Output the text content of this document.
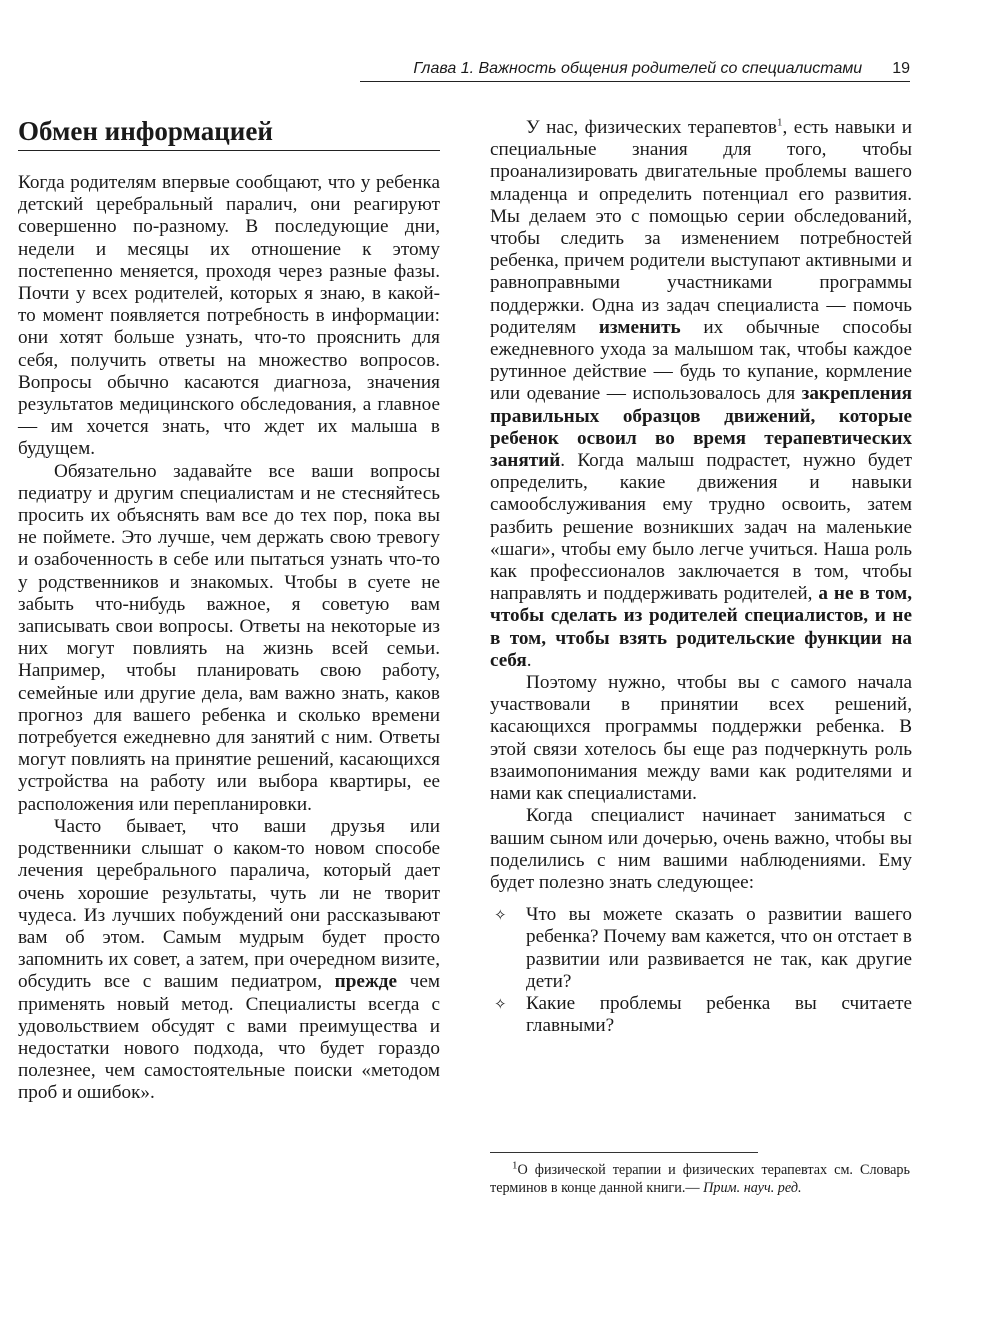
Глава 1. Важность общения родителей со специалистами 19
Обмен информацией

Когда родителям впервые сообщают, что у ребенка детский церебральный паралич, они реагируют совершенно по-разному. В последующие дни, недели и месяцы их отношение к этому постепенно меняется, проходя через разные фазы. Почти у всех родителей, которых я знаю, в какой-то момент появляется потребность в информации: они хотят больше узнать, что-то прояснить для себя, получить ответы на множество вопросов. Вопросы обычно касаются диагноза, значения результатов медицинского обследования, а главное — им хочется знать, что ждет их малыша в будущем.

Обязательно задавайте все ваши вопросы педиатру и другим специалистам и не стесняйтесь просить их объяснять вам все до тех пор, пока вы не поймете. Это лучше, чем держать свою тревогу и озабоченность в себе или пытаться узнать что-то у родственников и знакомых. Чтобы в суете не забыть что-нибудь важное, я советую вам записывать свои вопросы. Ответы на некоторые из них могут повлиять на жизнь всей семьи. Например, чтобы планировать свою работу, семейные или другие дела, вам важно знать, каков прогноз для вашего ребенка и сколько времени потребуется ежедневно для занятий с ним. Ответы могут повлиять на принятие решений, касающихся устройства на работу или выбора квартиры, ее расположения или перепланировки.

Часто бывает, что ваши друзья или родственники слышат о каком-то новом способе лечения церебрального паралича, который дает очень хорошие результаты, чуть ли не творит чудеса. Из лучших побуждений они рассказывают вам об этом. Самым мудрым будет просто запомнить их совет, а затем, при очередном визите, обсудить все с вашим педиатром, прежде чем применять новый метод. Специалисты всегда с удовольствием обсудят с вами преимущества и недостатки нового подхода, что будет гораздо полезнее, чем самостоятельные поиски «методом проб и ошибок».

У нас, физических терапевтов$^1$, есть навыки и специальные знания для того, чтобы проанализировать двигательные проблемы вашего младенца и определить потенциал его развития. Мы делаем это с помощью серии обследований, чтобы следить за изменением потребностей ребенка, причем родители выступают активными и равноправными участниками программы поддержки. Одна из задач специалиста — помочь родителям изменить их обычные способы ежедневного ухода за малышом так, чтобы каждое рутинное действие — будь то купание, кормление или одевание — использовалось для закрепления правильных образцов движений, которые ребенок освоил во время терапевтических занятий. Когда малыш подрастет, нужно будет определить, какие движения и навыки самообслуживания ему трудно освоить, затем разбить решение возникших задач на маленькие «шаги», чтобы ему было легче учиться. Наша роль как профессионалов заключается в том, чтобы направлять и поддерживать родителей, а не в том, чтобы сделать из родителей специалистов, и не в том, чтобы взять родительские функции на себя.

Поэтому нужно, чтобы вы с самого начала участвовали в принятии всех решений, касающихся программы поддержки ребенка. В этой связи хотелось бы еще раз подчеркнуть роль взаимопонимания между вами как родителями и нами как специалистами.

Когда специалист начинает заниматься с вашим сыном или дочерью, очень важно, чтобы вы поделились с ним вашими наблюдениями. Ему будет полезно знать следующее:

✧ Что вы можете сказать о развитии вашего ребенка? Почему вам кажется, что он отстает в развитии или развивается не так, как другие дети?
✧ Какие проблемы ребенка вы считаете главными?
$^1$О физической терапии и физических терапевтах см. Словарь терминов в конце данной книги.— Прим. науч. ред.
